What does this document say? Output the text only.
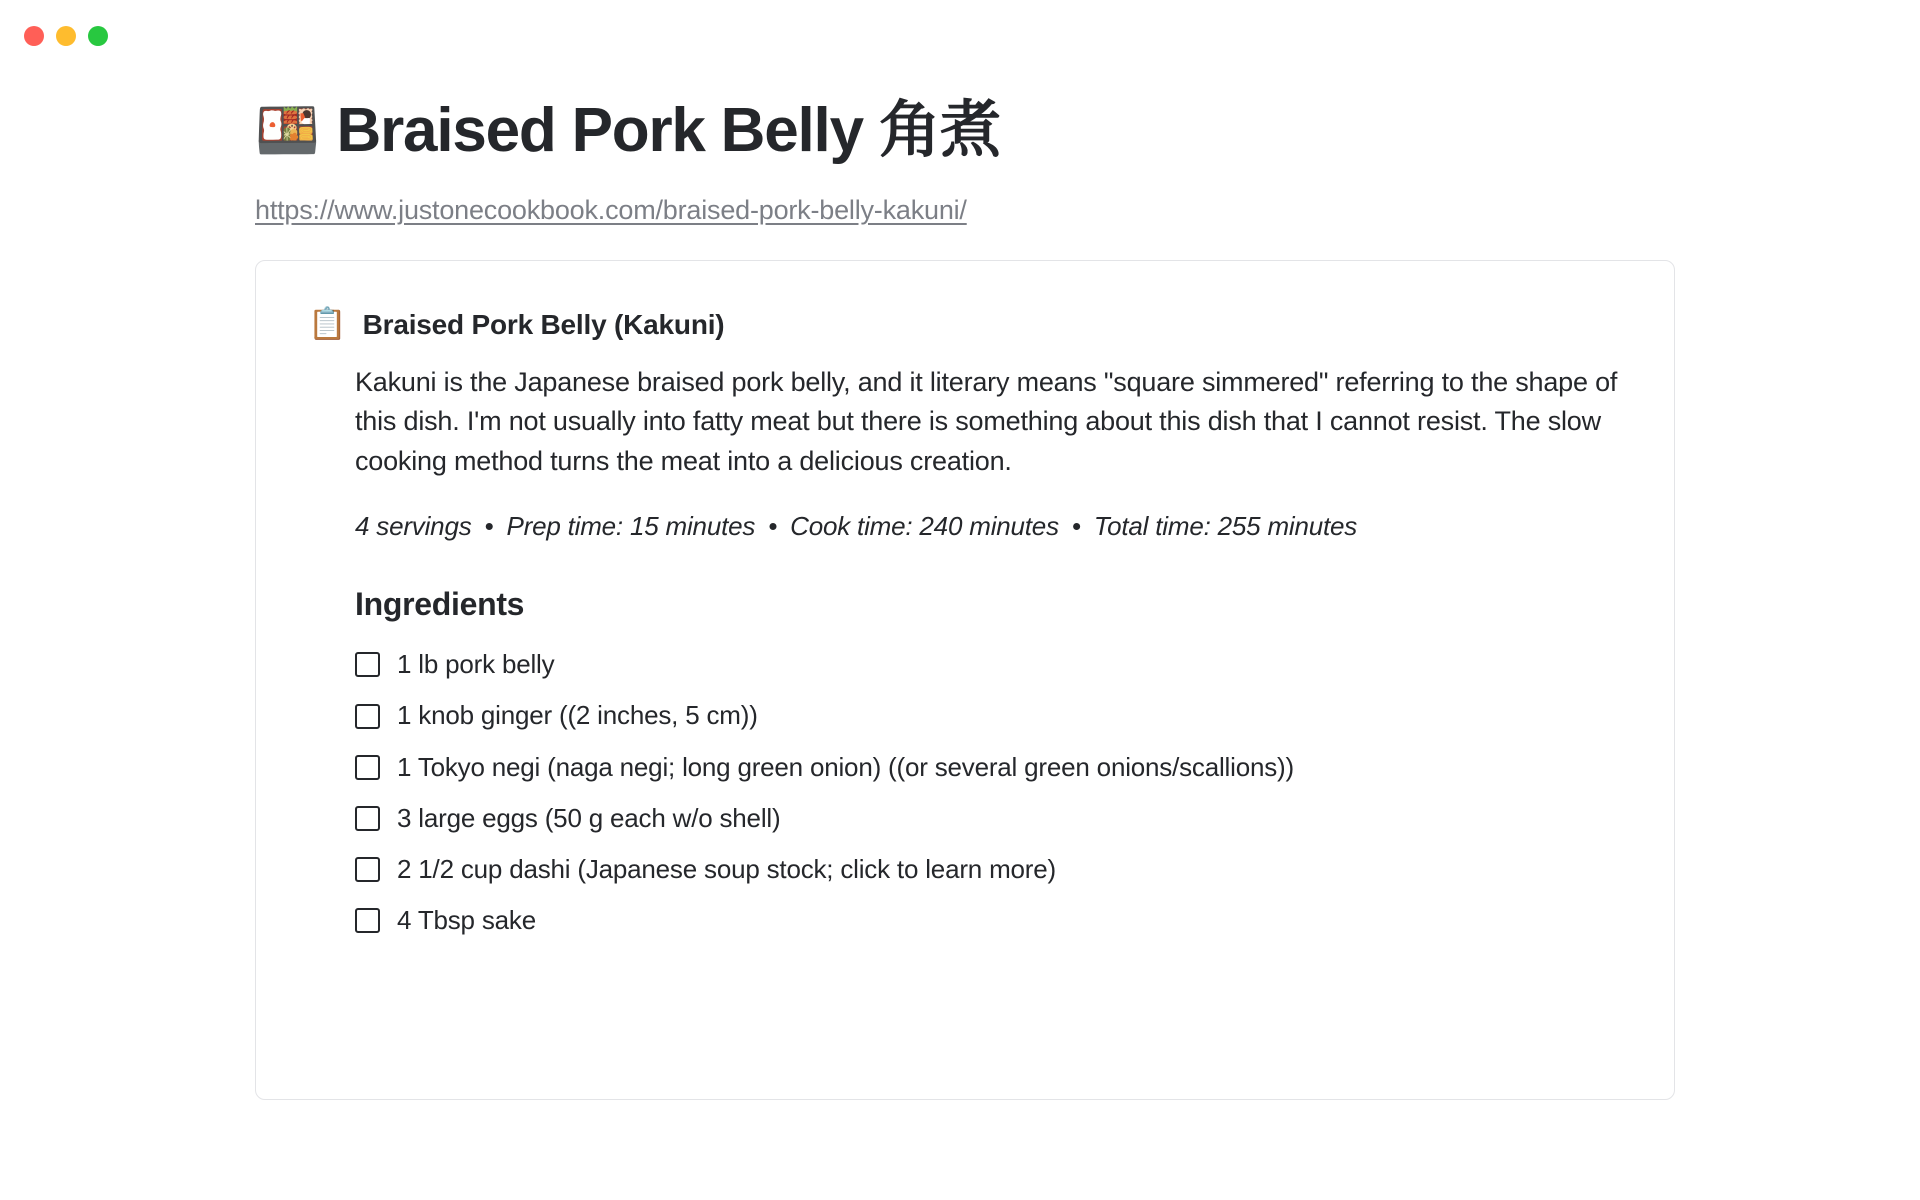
🍱 Braised Pork Belly 角煮
https://www.justonecookbook.com/braised-pork-belly-kakuni/
📋 Braised Pork Belly (Kakuni)

Kakuni is the Japanese braised pork belly, and it literary means "square simmered" referring to the shape of this dish. I'm not usually into fatty meat but there is something about this dish that I cannot resist. The slow cooking method turns the meat into a delicious creation.

4 servings • Prep time: 15 minutes • Cook time: 240 minutes • Total time: 255 minutes
Ingredients
1 lb pork belly
1 knob ginger ((2 inches, 5 cm))
1 Tokyo negi (naga negi; long green onion) ((or several green onions/scallions))
3 large eggs (50 g each w/o shell)
2 1/2 cup dashi (Japanese soup stock; click to learn more)
4 Tbsp sake
